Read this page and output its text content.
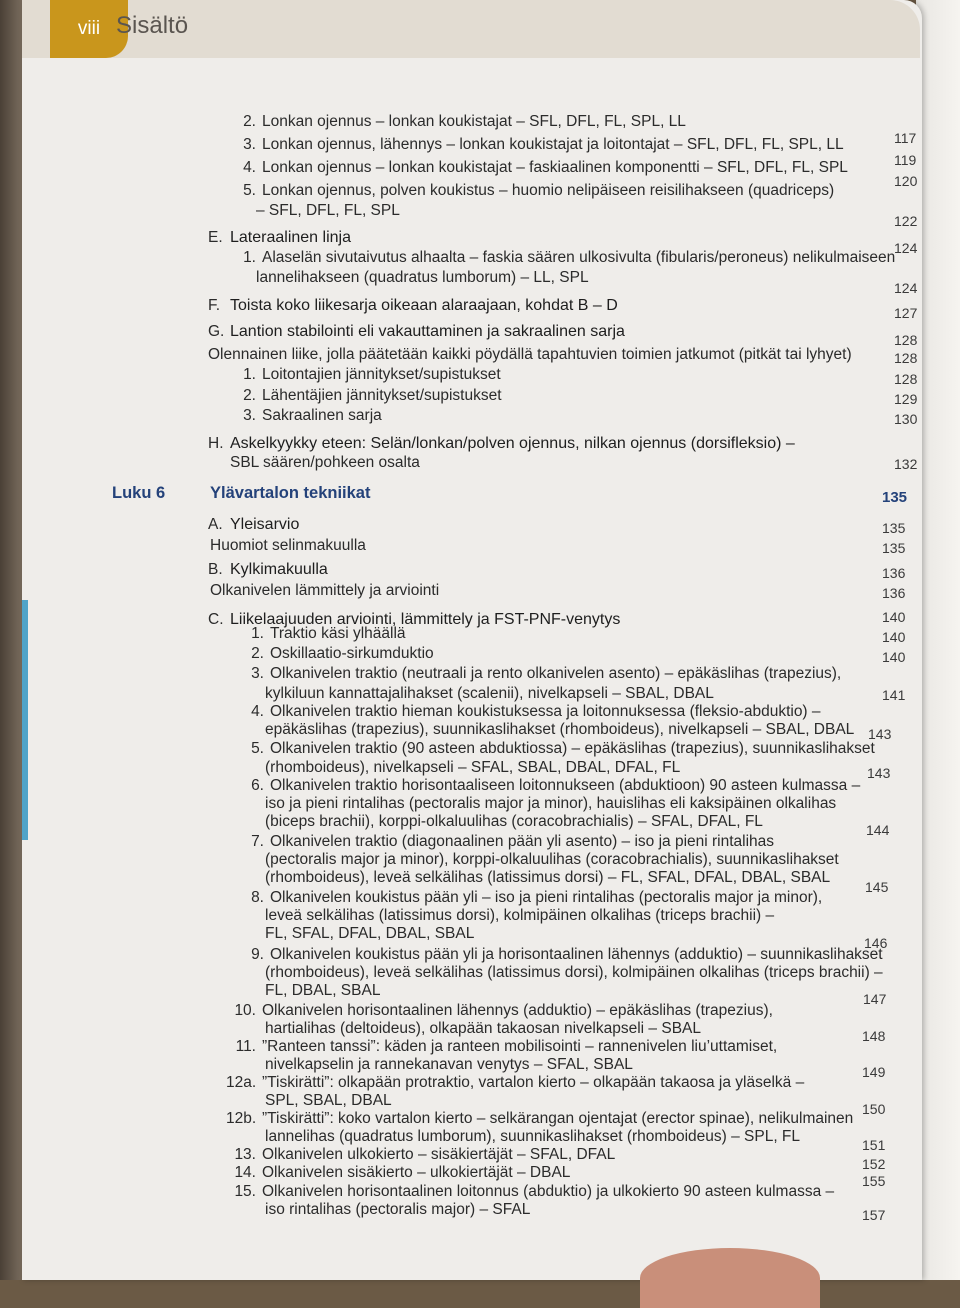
viii Sisältö
2. Lonkan ojennus – lonkan koukistajat – SFL, DFL, FL, SPL, LL
3. Lonkan ojennus, lähennys – lonkan koukistajat ja loitontajat – SFL, DFL, FL, SPL, LL
4. Lonkan ojennus – lonkan koukistajat – faskiaalinen komponentti – SFL, DFL, FL, SPL
5. Lonkan ojennus, polven koukistus – huomio nelipäiseen reisilihakseen (quadriceps)
– SFL, DFL, FL, SPL
E. Lateraalinen linja
1. Alaselän sivutaivutus alhaalta – faskia säären ulkosivulta (fibularis/peroneus) nelikulmaiseen
lannelihakseen (quadratus lumborum) – LL, SPL
F. Toista koko liikesarja oikeaan alaraajaan, kohdat B – D
G. Lantion stabilointi eli vakauttaminen ja sakraalinen sarja
Olennainen liike, jolla päätetään kaikki pöydällä tapahtuvien toimien jatkumot (pitkät tai lyhyet)
1. Loitontajien jännitykset/supistukset
2. Lähentäjien jännitykset/supistukset
3. Sakraalinen sarja
H. Askelkyykky eteen: Selän/lonkan/polven ojennus, nilkan ojennus (dorsifleksio) –
SBL säären/pohkeen osalta
Luku 6	Ylävartalon tekniikat
A. Yleisarvio
Huomiot selinmakuulla
B. Kylkimakuulla
Olkanivelen lämmittely ja arviointi
C. Liikelaajuuden arviointi, lämmittely ja FST-PNF-venytys
1. Traktio käsi ylhäällä
2. Oskillaatio-sirkumduktio
3. Olkanivelen traktio (neutraali ja rento olkanivelen asento) – epäkäslihas (trapezius),
kylkiluun kannattajalihakset (scalenii), nivelkapseli – SBAL, DBAL
4. Olkanivelen traktio hieman koukistuksessa ja loitonnuksessa (fleksio-abduktio) –
epäkäslihas (trapezius), suunnikaslihakset (rhomboideus), nivelkapseli – SBAL, DBAL
5. Olkanivelen traktio (90 asteen abduktiossa) – epäkäslihas (trapezius), suunnikaslihakset
(rhomboideus), nivelkapseli – SFAL, SBAL, DBAL, DFAL, FL
6. Olkanivelen traktio horisontaaliseen loitonnukseen (abduktioon) 90 asteen kulmassa –
iso ja pieni rintalihas (pectoralis major ja minor), hauislihas eli kaksipäinen olkalihas
(biceps brachii), korppi-olkaluulihas (coracobrachialis) – SFAL, DFAL, FL
7. Olkanivelen traktio (diagonaalinen pään yli asento) – iso ja pieni rintalihas
(pectoralis major ja minor), korppi-olkaluulihas (coracobrachialis), suunnikaslihakset
(rhomboideus), leveä selkälihas (latissimus dorsi) – FL, SFAL, DFAL, DBAL, SBAL
8. Olkanivelen koukistus pään yli – iso ja pieni rintalihas (pectoralis major ja minor),
leveä selkälihas (latissimus dorsi), kolmipäinen olkalihas (triceps brachii) –
FL, SFAL, DFAL, DBAL, SBAL
9. Olkanivelen koukistus pään yli ja horisontaalinen lähennys (adduktio) – suunnikaslihakset
(rhomboideus), leveä selkälihas (latissimus dorsi), kolmipäinen olkalihas (triceps brachii) –
FL, DBAL, SBAL
10. Olkanivelen horisontaalinen lähennys (adduktio) – epäkäslihas (trapezius),
hartialihas (deltoideus), olkapään takaosan nivelkapseli – SBAL
11. ”Ranteen tanssi”: käden ja ranteen mobilisointi – rannenivelen liu’uttamiset,
nivelkapselin ja rannekanavan venytys – SFAL, SBAL
12a. ”Tiskirätti”: olkapään protraktio, vartalon kierto – olkapään takaosa ja yläselkä –
SPL, SBAL, DBAL
12b. ”Tiskirätti”: koko vartalon kierto – selkärangan ojentajat (erector spinae), nelikulmainen
lannelihas (quadratus lumborum), suunnikaslihakset (rhomboideus) – SPL, FL
13. Olkanivelen ulkokierto – sisäkiertäjät – SFAL, DFAL
14. Olkanivelen sisäkierto – ulkokiertäjät – DBAL
15. Olkanivelen horisontaalinen loitonnus (abduktio) ja ulkokierto 90 asteen kulmassa –
iso rintalihas (pectoralis major) – SFAL
117
119
120
122
124
124
127
128
128
128
129
130
132
135
135
135
136
136
140
140
140
141
143
143
144
145
146
147
148
149
150
151
152
155
157
